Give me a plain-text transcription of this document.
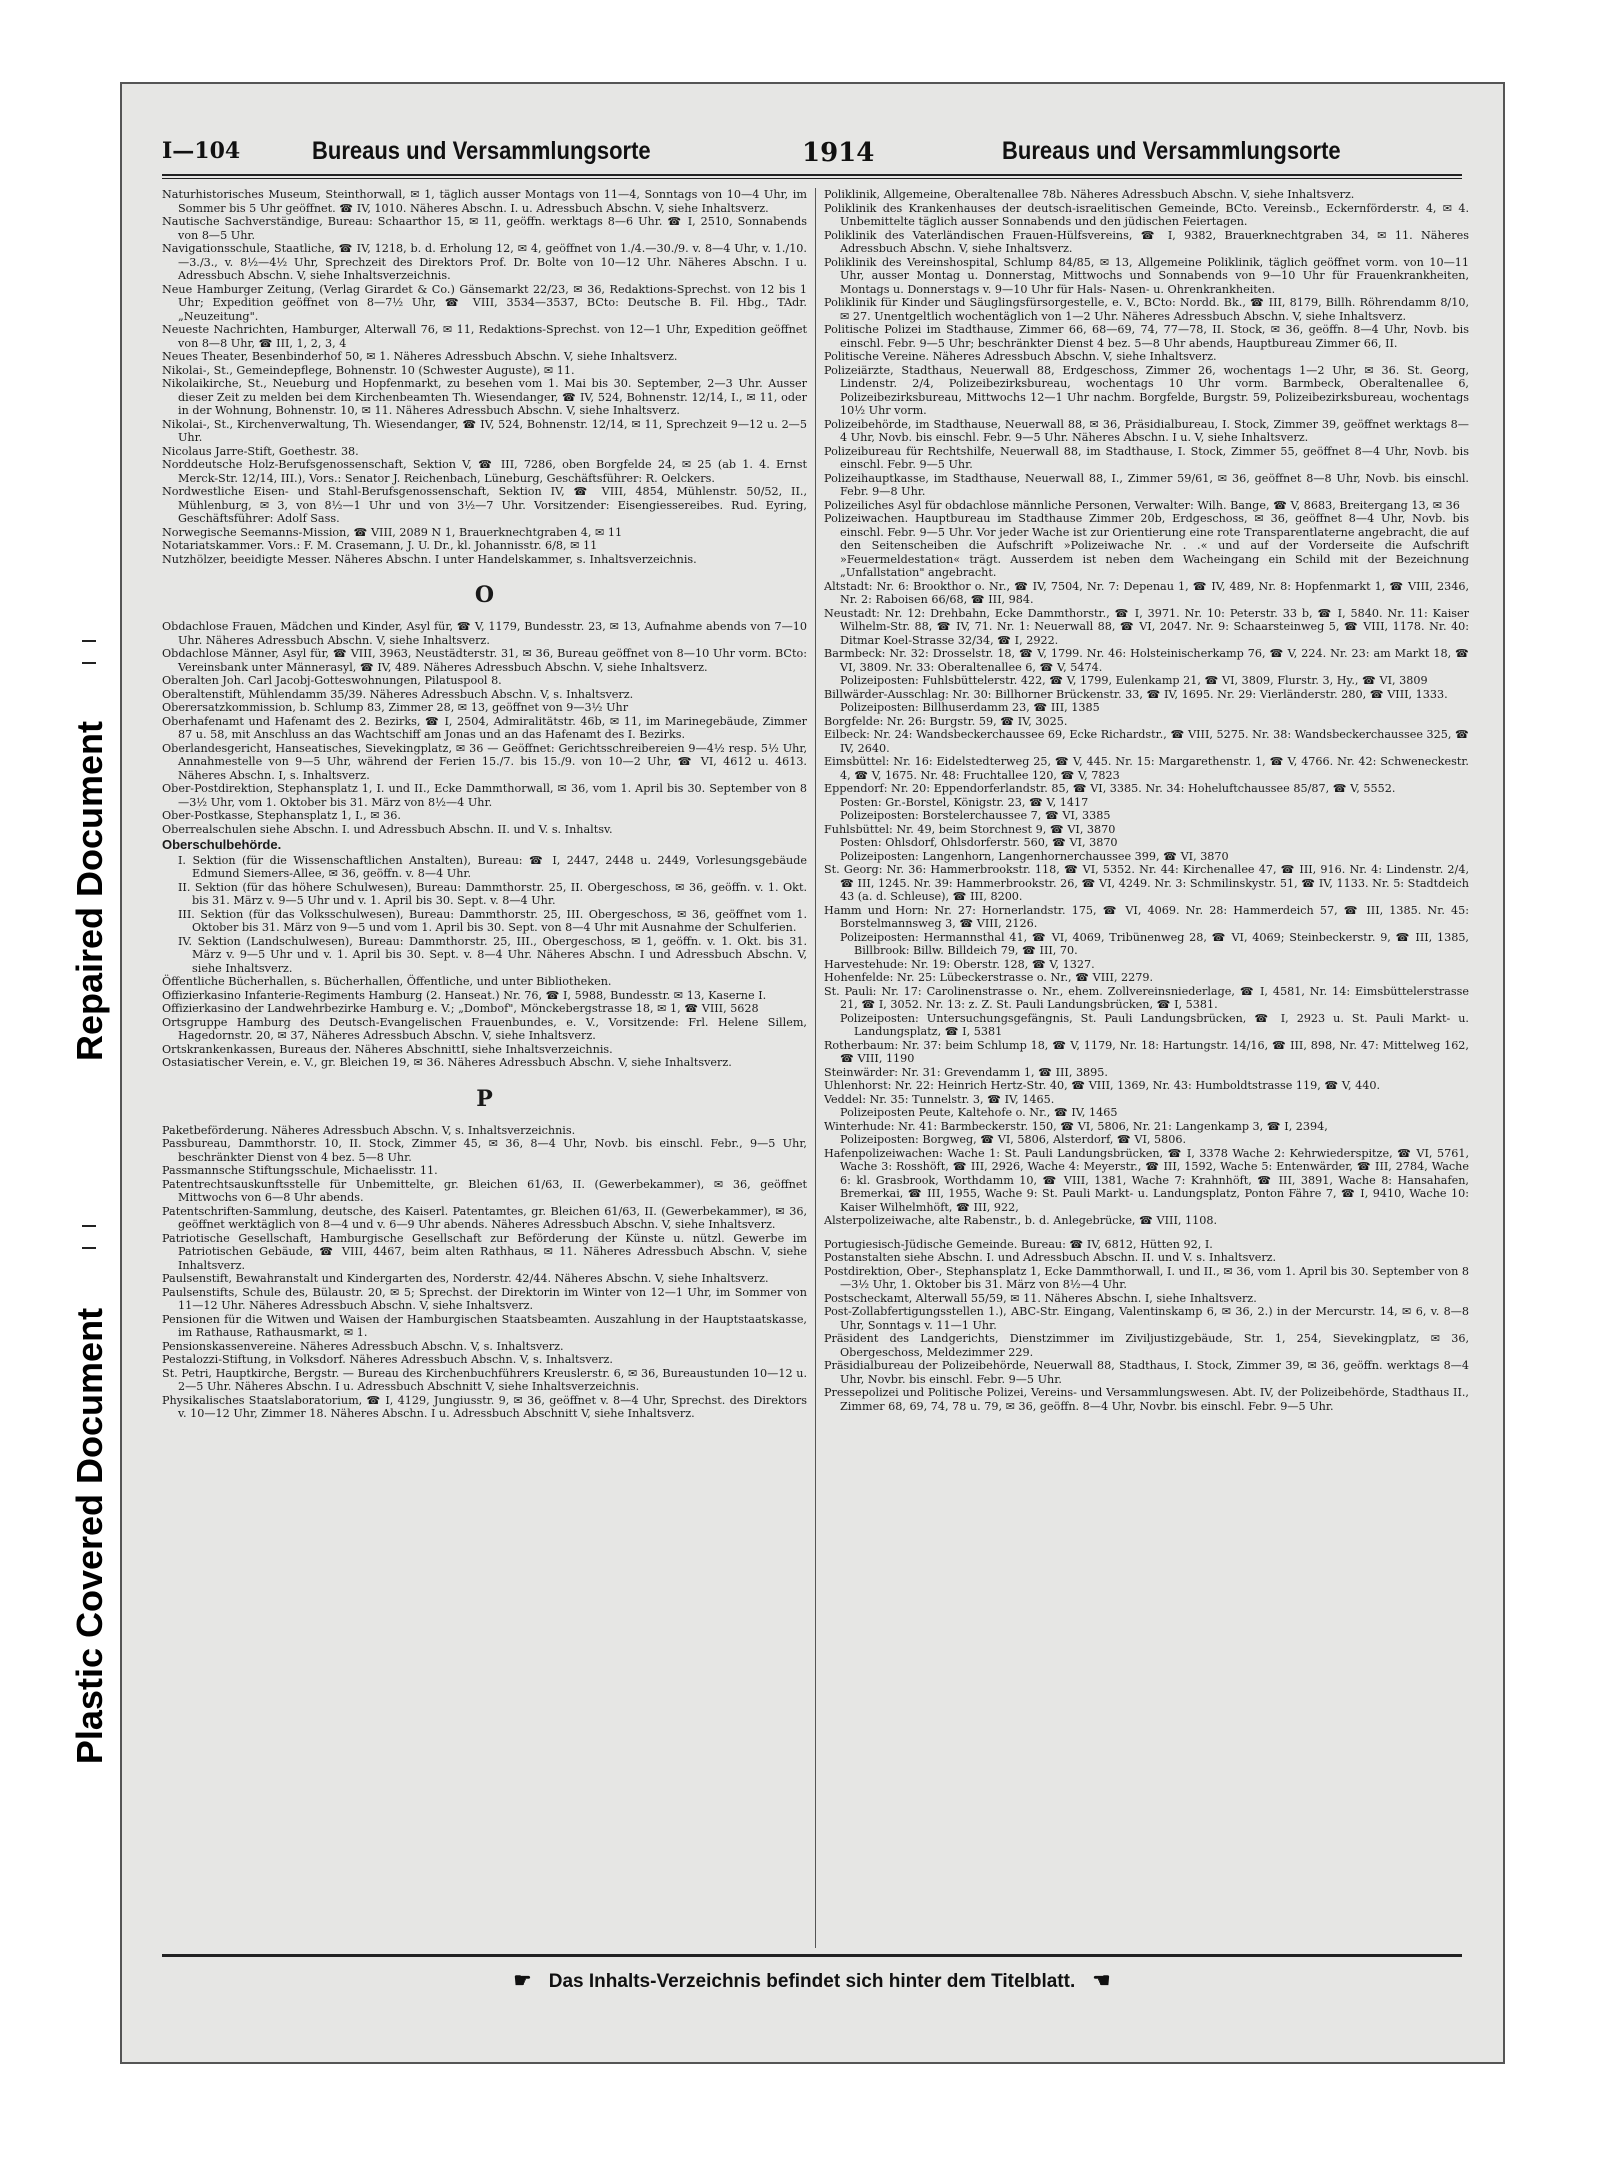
Repaired Document
Plastic Covered Document
I—104	Bureaus und Versammlungsorte	1914	Bureaus und Versammlungsorte

Naturhistorisches Museum, Steinthorwall, ✉ 1, täglich ausser Montags von 11—4, Sonntags von 10—4 Uhr, im Sommer bis 5 Uhr geöffnet. ☎ IV, 1010. Näheres Abschn. I. u. Adressbuch Abschn. V, siehe Inhaltsverz.

Nautische Sachverständige, Bureau: Schaarthor 15, ✉ 11, geöffn. werktags 8—6 Uhr. ☎ I, 2510, Sonnabends von 8—5 Uhr.

Navigationsschule, Staatliche, ☎ IV, 1218, b. d. Erholung 12, ✉ 4, geöffnet von 1./4.—30./9. v. 8—4 Uhr, v. 1./10.—3./3., v. 8½—4½ Uhr, Sprechzeit des Direktors Prof. Dr. Bolte von 10—12 Uhr. Näheres Abschn. I u. Adressbuch Abschn. V, siehe Inhaltsverzeichnis.

Neue Hamburger Zeitung, (Verlag Girardet & Co.) Gänsemarkt 22/23, ✉ 36, Redaktions-Sprechst. von 12 bis 1 Uhr; Expedition geöffnet von 8—7½ Uhr, ☎ VIII, 3534—3537, BCto: Deutsche B. Fil. Hbg., TAdr. „Neuzeitung".

Neueste Nachrichten, Hamburger, Alterwall 76, ✉ 11, Redaktions-Sprechst. von 12—1 Uhr, Expedition geöffnet von 8—8 Uhr, ☎ III, 1, 2, 3, 4

Neues Theater, Besenbinderhof 50, ✉ 1. Näheres Adressbuch Abschn. V, siehe Inhaltsverz.

Nikolai-, St., Gemeindepflege, Bohnenstr. 10 (Schwester Auguste), ✉ 11.

Nikolaikirche, St., Neueburg und Hopfenmarkt, zu besehen vom 1. Mai bis 30. September, 2—3 Uhr. Ausser dieser Zeit zu melden bei dem Kirchenbeamten Th. Wiesendanger, ☎ IV, 524, Bohnenstr. 12/14, I., ✉ 11, oder in der Wohnung, Bohnenstr. 10, ✉ 11. Näheres Adressbuch Abschn. V, siehe Inhaltsverz.

Nikolai-, St., Kirchenverwaltung, Th. Wiesendanger, ☎ IV, 524, Bohnenstr. 12/14, ✉ 11, Sprechzeit 9—12 u. 2—5 Uhr.

Nicolaus Jarre-Stift, Goethestr. 38.

Norddeutsche Holz-Berufsgenossenschaft, Sektion V, ☎ III, 7286, oben Borgfelde 24, ✉ 25 (ab 1. 4. Ernst Merck-Str. 12/14, III.), Vors.: Senator J. Reichenbach, Lüneburg, Geschäftsführer: R. Oelckers.

Nordwestliche Eisen- und Stahl-Berufsgenossenschaft, Sektion IV, ☎ VIII, 4854, Mühlenstr. 50/52, II., Mühlenburg, ✉ 3, von 8½—1 Uhr und von 3½—7 Uhr. Vorsitzender: Eisengiessereibes. Rud. Eyring, Geschäftsführer: Adolf Sass.

Norwegische Seemanns-Mission, ☎ VIII, 2089 N 1, Brauerknechtgraben 4, ✉ 11

Notariatskammer. Vors.: F. M. Crasemann, J. U. Dr., kl. Johannisstr. 6/8, ✉ 11

Nutzhölzer, beeidigte Messer. Näheres Abschn. I unter Handelskammer, s. Inhaltsverzeichnis.

O

Obdachlose Frauen, Mädchen und Kinder, Asyl für, ☎ V, 1179, Bundesstr. 23, ✉ 13, Aufnahme abends von 7—10 Uhr. Näheres Adressbuch Abschn. V, siehe Inhaltsverz.

Obdachlose Männer, Asyl für, ☎ VIII, 3963, Neustädterstr. 31, ✉ 36, Bureau geöffnet von 8—10 Uhr vorm. BCto: Vereinsbank unter Männerasyl, ☎ IV, 489. Näheres Adressbuch Abschn. V, siehe Inhaltsverz.

Oberalten Joh. Carl Jacobj-Gotteswohnungen, Pilatuspool 8.

Oberaltenstift, Mühlendamm 35/39. Näheres Adressbuch Abschn. V, s. Inhaltsverz.

Oberersatzkommission, b. Schlump 83, Zimmer 28, ✉ 13, geöffnet von 9—3½ Uhr

Oberhafenamt und Hafenamt des 2. Bezirks, ☎ I, 2504, Admiralitätstr. 46b, ✉ 11, im Marinegebäude, Zimmer 87 u. 58, mit Anschluss an das Wachtschiff am Jonas und an das Hafenamt des I. Bezirks.

Oberlandesgericht, Hanseatisches, Sievekingplatz, ✉ 36 — Geöffnet: Gerichtsschreibereien 9—4½ resp. 5½ Uhr, Annahmestelle von 9—5 Uhr, während der Ferien 15./7. bis 15./9. von 10—2 Uhr, ☎ VI, 4612 u. 4613. Näheres Abschn. I, s. Inhaltsverz.

Ober-Postdirektion, Stephansplatz 1, I. und II., Ecke Dammthorwall, ✉ 36, vom 1. April bis 30. September von 8—3½ Uhr, vom 1. Oktober bis 31. März von 8½—4 Uhr.

Ober-Postkasse, Stephansplatz 1, I., ✉ 36.

Oberrealschulen siehe Abschn. I. und Adressbuch Abschn. II. und V. s. Inhaltsv.

Oberschulbehörde.

I. Sektion (für die Wissenschaftlichen Anstalten), Bureau: ☎ I, 2447, 2448 u. 2449, Vorlesungsgebäude Edmund Siemers-Allee, ✉ 36, geöffn. v. 8—4 Uhr.

II. Sektion (für das höhere Schulwesen), Bureau: Dammthorstr. 25, II. Obergeschoss, ✉ 36, geöffn. v. 1. Okt. bis 31. März v. 9—5 Uhr und v. 1. April bis 30. Sept. v. 8—4 Uhr.

III. Sektion (für das Volksschulwesen), Bureau: Dammthorstr. 25, III. Obergeschoss, ✉ 36, geöffnet vom 1. Oktober bis 31. März von 9—5 und vom 1. April bis 30. Sept. von 8—4 Uhr mit Ausnahme der Schulferien.

IV. Sektion (Landschulwesen), Bureau: Dammthorstr. 25, III., Obergeschoss, ✉ 1, geöffn. v. 1. Okt. bis 31. März v. 9—5 Uhr und v. 1. April bis 30. Sept. v. 8—4 Uhr. Näheres Abschn. I und Adressbuch Abschn. V, siehe Inhaltsverz.

Öffentliche Bücherhallen, s. Bücherhallen, Öffentliche, und unter Bibliotheken.

Offizierkasino Infanterie-Regiments Hamburg (2. Hanseat.) Nr. 76, ☎ I, 5988, Bundesstr. ✉ 13, Kaserne I.

Offizierkasino der Landwehrbezirke Hamburg e. V.; „Dombof", Mönckebergstrasse 18, ✉ 1, ☎ VIII, 5628

Ortsgruppe Hamburg des Deutsch-Evangelischen Frauenbundes, e. V., Vorsitzende: Frl. Helene Sillem, Hagedornstr. 20, ✉ 37, Näheres Adressbuch Abschn. V, siehe Inhaltsverz.

Ortskrankenkassen, Bureaus der. Näheres AbschnittI, siehe Inhaltsverzeichnis.

Ostasiatischer Verein, e. V., gr. Bleichen 19, ✉ 36. Näheres Adressbuch Abschn. V, siehe Inhaltsverz.

P

Paketbeförderung. Näheres Adressbuch Abschn. V, s. Inhaltsverzeichnis.

Passbureau, Dammthorstr. 10, II. Stock, Zimmer 45, ✉ 36, 8—4 Uhr, Novb. bis einschl. Febr., 9—5 Uhr, beschränkter Dienst von 4 bez. 5—8 Uhr.

Passmannsche Stiftungsschule, Michaelisstr. 11.

Patentrechtsauskunftsstelle für Unbemittelte, gr. Bleichen 61/63, II. (Gewerbekammer), ✉ 36, geöffnet Mittwochs von 6—8 Uhr abends.

Patentschriften-Sammlung, deutsche, des Kaiserl. Patentamtes, gr. Bleichen 61/63, II. (Gewerbekammer), ✉ 36, geöffnet werktäglich von 8—4 und v. 6—9 Uhr abends. Näheres Adressbuch Abschn. V, siehe Inhaltsverz.

Patriotische Gesellschaft, Hamburgische Gesellschaft zur Beförderung der Künste u. nützl. Gewerbe im Patriotischen Gebäude, ☎ VIII, 4467, beim alten Rathhaus, ✉ 11. Näheres Adressbuch Abschn. V, siehe Inhaltsverz.

Paulsenstift, Bewahranstalt und Kindergarten des, Norderstr. 42/44. Näheres Abschn. V, siehe Inhaltsverz.

Paulsenstifts, Schule des, Bülaustr. 20, ✉ 5; Sprechst. der Direktorin im Winter von 12—1 Uhr, im Sommer von 11—12 Uhr. Näheres Adressbuch Abschn. V, siehe Inhaltsverz.

Pensionen für die Witwen und Waisen der Hamburgischen Staatsbeamten. Auszahlung in der Hauptstaatskasse, im Rathause, Rathausmarkt, ✉ 1.

Pensionskassenvereine. Näheres Adressbuch Abschn. V, s. Inhaltsverz.

Pestalozzi-Stiftung, in Volksdorf. Näheres Adressbuch Abschn. V, s. Inhaltsverz.

St. Petri, Hauptkirche, Bergstr. — Bureau des Kirchenbuchführers Kreuslerstr. 6, ✉ 36, Bureaustunden 10—12 u. 2—5 Uhr. Näheres Abschn. I u. Adressbuch Abschnitt V, siehe Inhaltsverzeichnis.

Physikalisches Staatslaboratorium, ☎ I, 4129, Jungiusstr. 9, ✉ 36, geöffnet v. 8—4 Uhr, Sprechst. des Direktors v. 10—12 Uhr, Zimmer 18. Näheres Abschn. I u. Adressbuch Abschnitt V, siehe Inhaltsverz.

Poliklinik, Allgemeine, Oberaltenallee 78b. Näheres Adressbuch Abschn. V, siehe Inhaltsverz.

Poliklinik des Krankenhauses der deutsch-israelitischen Gemeinde, BCto. Vereinsb., Eckernförderstr. 4, ✉ 4. Unbemittelte täglich ausser Sonnabends und den jüdischen Feiertagen.

Poliklinik des Vaterländischen Frauen-Hülfsvereins, ☎ I, 9382, Brauerknechtgraben 34, ✉ 11. Näheres Adressbuch Abschn. V, siehe Inhaltsverz.

Poliklinik des Vereinshospital, Schlump 84/85, ✉ 13, Allgemeine Poliklinik, täglich geöffnet vorm. von 10—11 Uhr, ausser Montag u. Donnerstag, Mittwochs und Sonnabends von 9—10 Uhr für Frauenkrankheiten, Montags u. Donnerstags v. 9—10 Uhr für Hals- Nasen- u. Ohrenkrankheiten.

Poliklinik für Kinder und Säuglingsfürsorgestelle, e. V., BCto: Nordd. Bk., ☎ III, 8179, Billh. Röhrendamm 8/10, ✉ 27. Unentgeltlich wochentäglich von 1—2 Uhr. Näheres Adressbuch Abschn. V, siehe Inhaltsverz.

Politische Polizei im Stadthause, Zimmer 66, 68—69, 74, 77—78, II. Stock, ✉ 36, geöffn. 8—4 Uhr, Novb. bis einschl. Febr. 9—5 Uhr; beschränkter Dienst 4 bez. 5—8 Uhr abends, Hauptbureau Zimmer 66, II.

Politische Vereine. Näheres Adressbuch Abschn. V, siehe Inhaltsverz.

Polizeiärzte, Stadthaus, Neuerwall 88, Erdgeschoss, Zimmer 26, wochentags 1—2 Uhr, ✉ 36. St. Georg, Lindenstr. 2/4, Polizeibezirksbureau, wochentags 10 Uhr vorm. Barmbeck, Oberaltenallee 6, Polizeibezirksbureau, Mittwochs 12—1 Uhr nachm. Borgfelde, Burgstr. 59, Polizeibezirksbureau, wochentags 10½ Uhr vorm.

Polizeibehörde, im Stadthause, Neuerwall 88, ✉ 36, Präsidialbureau, I. Stock, Zimmer 39, geöffnet werktags 8—4 Uhr, Novb. bis einschl. Febr. 9—5 Uhr. Näheres Abschn. I u. V, siehe Inhaltsverz.

Polizeibureau für Rechtshilfe, Neuerwall 88, im Stadthause, I. Stock, Zimmer 55, geöffnet 8—4 Uhr, Novb. bis einschl. Febr. 9—5 Uhr.

Polizeihauptkasse, im Stadthause, Neuerwall 88, I., Zimmer 59/61, ✉ 36, geöffnet 8—8 Uhr, Novb. bis einschl. Febr. 9—8 Uhr.

Polizeiliches Asyl für obdachlose männliche Personen, Verwalter: Wilh. Bange, ☎ V, 8683, Breitergang 13, ✉ 36

Polizeiwachen. Hauptbureau im Stadthause Zimmer 20b, Erdgeschoss, ✉ 36, geöffnet 8—4 Uhr, Novb. bis einschl. Febr. 9—5 Uhr. Vor jeder Wache ist zur Orientierung eine rote Transparentlaterne angebracht, die auf den Seitenscheiben die Aufschrift »Polizeiwache Nr. . .« und auf der Vorderseite die Aufschrift »Feuermeldestation« trägt. Ausserdem ist neben dem Wacheingang ein Schild mit der Bezeichnung „Unfallstation" angebracht.

Altstadt: Nr. 6: Brookthor o. Nr., ☎ IV, 7504, Nr. 7: Depenau 1, ☎ IV, 489, Nr. 8: Hopfenmarkt 1, ☎ VIII, 2346, Nr. 2: Raboisen 66/68, ☎ III, 984.

Neustadt: Nr. 12: Drehbahn, Ecke Dammthorstr., ☎ I, 3971. Nr. 10: Peterstr. 33 b, ☎ I, 5840. Nr. 11: Kaiser Wilhelm-Str. 88, ☎ IV, 71. Nr. 1: Neuerwall 88, ☎ VI, 2047. Nr. 9: Schaarsteinweg 5, ☎ VIII, 1178. Nr. 40: Ditmar Koel-Strasse 32/34, ☎ I, 2922.

Barmbeck: Nr. 32: Drosselstr. 18, ☎ V, 1799. Nr. 46: Holsteinischerkamp 76, ☎ V, 224. Nr. 23: am Markt 18, ☎ VI, 3809. Nr. 33: Oberaltenallee 6, ☎ V, 5474.

Polizeiposten: Fuhlsbüttelerstr. 422, ☎ V, 1799, Eulenkamp 21, ☎ VI, 3809, Flurstr. 3, Hy., ☎ VI, 3809

Billwärder-Ausschlag: Nr. 30: Billhorner Brückenstr. 33, ☎ IV, 1695. Nr. 29: Vierländerstr. 280, ☎ VIII, 1333.

Polizeiposten: Billhuserdamm 23, ☎ III, 1385

Borgfelde: Nr. 26: Burgstr. 59, ☎ IV, 3025.

Eilbeck: Nr. 24: Wandsbeckerchaussee 69, Ecke Richardstr., ☎ VIII, 5275. Nr. 38: Wandsbeckerchaussee 325, ☎ IV, 2640.

Eimsbüttel: Nr. 16: Eidelstedterweg 25, ☎ V, 445. Nr. 15: Margarethenstr. 1, ☎ V, 4766. Nr. 42: Schweneckestr. 4, ☎ V, 1675. Nr. 48: Fruchtallee 120, ☎ V, 7823

Eppendorf: Nr. 20: Eppendorferlandstr. 85, ☎ VI, 3385. Nr. 34: Hoheluftchaussee 85/87, ☎ V, 5552.

Posten: Gr.-Borstel, Königstr. 23, ☎ V, 1417

Polizeiposten: Borstelerchaussee 7, ☎ VI, 3385

Fuhlsbüttel: Nr. 49, beim Storchnest 9, ☎ VI, 3870

Posten: Ohlsdorf, Ohlsdorferstr. 560, ☎ VI, 3870

Polizeiposten: Langenhorn, Langenhornerchaussee 399, ☎ VI, 3870

St. Georg: Nr. 36: Hammerbrookstr. 118, ☎ VI, 5352. Nr. 44: Kirchenallee 47, ☎ III, 916. Nr. 4: Lindenstr. 2/4, ☎ III, 1245. Nr. 39: Hammerbrookstr. 26, ☎ VI, 4249. Nr. 3: Schmilinskystr. 51, ☎ IV, 1133. Nr. 5: Stadtdeich 43 (a. d. Schleuse), ☎ III, 8200.

Hamm und Horn: Nr. 27: Hornerlandstr. 175, ☎ VI, 4069. Nr. 28: Hammerdeich 57, ☎ III, 1385. Nr. 45: Borstelmannsweg 3, ☎ VIII, 2126.

Polizeiposten: Hermannsthal 41, ☎ VI, 4069, Tribünenweg 28, ☎ VI, 4069; Steinbeckerstr. 9, ☎ III, 1385, Billbrook: Billw. Billdeich 79, ☎ III, 70.

Harvestehude: Nr. 19: Oberstr. 128, ☎ V, 1327.

Hohenfelde: Nr. 25: Lübeckerstrasse o. Nr., ☎ VIII, 2279.

St. Pauli: Nr. 17: Carolinenstrasse o. Nr., ehem. Zollvereinsniederlage, ☎ I, 4581, Nr. 14: Eimsbüttelerstrasse 21, ☎ I, 3052. Nr. 13: z. Z. St. Pauli Landungsbrücken, ☎ I, 5381.

Polizeiposten: Untersuchungsgefängnis, St. Pauli Landungsbrücken, ☎ I, 2923 u. St. Pauli Markt- u. Landungsplatz, ☎ I, 5381

Rotherbaum: Nr. 37: beim Schlump 18, ☎ V, 1179, Nr. 18: Hartungstr. 14/16, ☎ III, 898, Nr. 47: Mittelweg 162, ☎ VIII, 1190

Steinwärder: Nr. 31: Grevendamm 1, ☎ III, 3895.

Uhlenhorst: Nr. 22: Heinrich Hertz-Str. 40, ☎ VIII, 1369, Nr. 43: Humboldtstrasse 119, ☎ V, 440.

Veddel: Nr. 35: Tunnelstr. 3, ☎ IV, 1465.

Polizeiposten Peute, Kaltehofe o. Nr., ☎ IV, 1465

Winterhude: Nr. 41: Barmbeckerstr. 150, ☎ VI, 5806, Nr. 21: Langenkamp 3, ☎ I, 2394,

Polizeiposten: Borgweg, ☎ VI, 5806, Alsterdorf, ☎ VI, 5806.

Hafenpolizeiwachen: Wache 1: St. Pauli Landungsbrücken, ☎ I, 3378 Wache 2: Kehrwiederspitze, ☎ VI, 5761, Wache 3: Rosshöft, ☎ III, 2926, Wache 4: Meyerstr., ☎ III, 1592, Wache 5: Entenwärder, ☎ III, 2784, Wache 6: kl. Grasbrook, Worthdamm 10, ☎ VIII, 1381, Wache 7: Krahnhöft, ☎ III, 3891, Wache 8: Hansahafen, Bremerkai, ☎ III, 1955, Wache 9: St. Pauli Markt- u. Landungsplatz, Ponton Fähre 7, ☎ I, 9410, Wache 10: Kaiser Wilhelmhöft, ☎ III, 922,

Alsterpolizeiwache, alte Rabenstr., b. d. Anlegebrücke, ☎ VIII, 1108.

Portugiesisch-Jüdische Gemeinde. Bureau: ☎ IV, 6812, Hütten 92, I.

Postanstalten siehe Abschn. I. und Adressbuch Abschn. II. und V. s. Inhaltsverz.

Postdirektion, Ober-, Stephansplatz 1, Ecke Dammthorwall, I. und II., ✉ 36, vom 1. April bis 30. September von 8—3½ Uhr, 1. Oktober bis 31. März von 8½—4 Uhr.

Postscheckamt, Alterwall 55/59, ✉ 11. Näheres Abschn. I, siehe Inhaltsverz.

Post-Zollabfertigungsstellen 1.), ABC-Str. Eingang, Valentinskamp 6, ✉ 36, 2.) in der Mercurstr. 14, ✉ 6, v. 8—8 Uhr, Sonntags v. 11—1 Uhr.

Präsident des Landgerichts, Dienstzimmer im Ziviljustizgebäude, Str. 1, 254, Sievekingplatz, ✉ 36, Obergeschoss, Meldezimmer 229.

Präsidialbureau der Polizeibehörde, Neuerwall 88, Stadthaus, I. Stock, Zimmer 39, ✉ 36, geöffn. werktags 8—4 Uhr, Novbr. bis einschl. Febr. 9—5 Uhr.

Pressepolizei und Politische Polizei, Vereins- und Versammlungswesen. Abt. IV, der Polizeibehörde, Stadthaus II., Zimmer 68, 69, 74, 78 u. 79, ✉ 36, geöffn. 8—4 Uhr, Novbr. bis einschl. Febr. 9—5 Uhr.

☛ Das Inhalts-Verzeichnis befindet sich hinter dem Titelblatt. ☚
